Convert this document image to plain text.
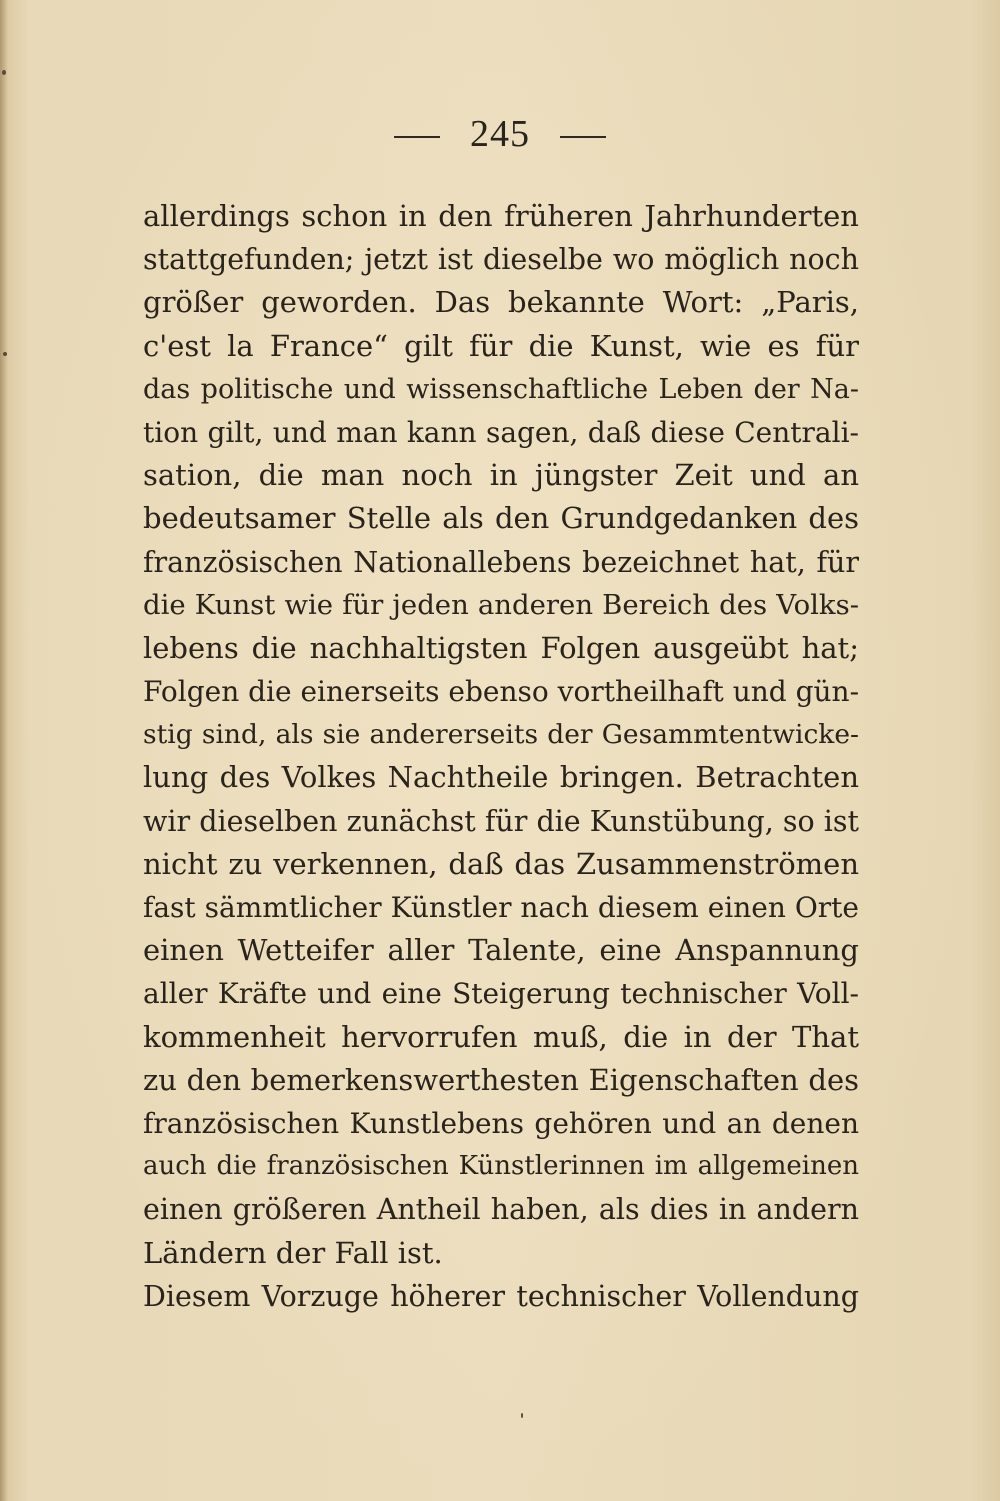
245
allerdings schon in den früheren Jahrhunderten
stattgefunden; jetzt ist dieselbe wo möglich noch
größer geworden. Das bekannte Wort: „Paris,
c'est la France“ gilt für die Kunst, wie es für
das politische und wissenschaftliche Leben der Na-
tion gilt, und man kann sagen, daß diese Centrali-
sation, die man noch in jüngster Zeit und an
bedeutsamer Stelle als den Grundgedanken des
französischen Nationallebens bezeichnet hat, für
die Kunst wie für jeden anderen Bereich des Volks-
lebens die nachhaltigsten Folgen ausgeübt hat;
Folgen die einerseits ebenso vortheilhaft und gün-
stig sind, als sie andererseits der Gesammtentwicke-
lung des Volkes Nachtheile bringen. Betrachten
wir dieselben zunächst für die Kunstübung, so ist
nicht zu verkennen, daß das Zusammenströmen
fast sämmtlicher Künstler nach diesem einen Orte
einen Wetteifer aller Talente, eine Anspannung
aller Kräfte und eine Steigerung technischer Voll-
kommenheit hervorrufen muß, die in der That
zu den bemerkenswerthesten Eigenschaften des
französischen Kunstlebens gehören und an denen
auch die französischen Künstlerinnen im allgemeinen
einen größeren Antheil haben, als dies in andern
Ländern der Fall ist.
Diesem Vorzuge höherer technischer Vollendung
